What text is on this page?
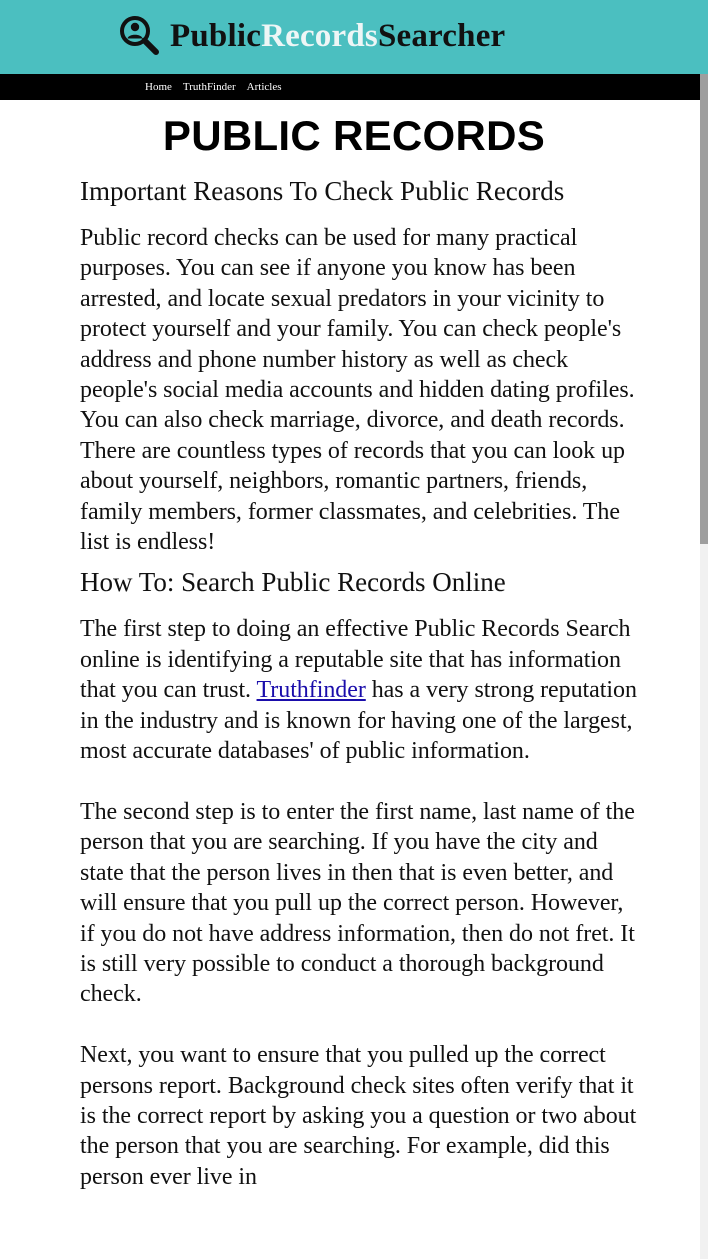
PublicRecordsSearcher
Home TruthFinder Articles
PUBLIC RECORDS
Important Reasons To Check Public Records

Public record checks can be used for many practical purposes. You can see if anyone you know has been arrested, and locate sexual predators in your vicinity to protect yourself and your family. You can check people's address and phone number history as well as check people's social media accounts and hidden dating profiles. You can also check marriage, divorce, and death records. There are countless types of records that you can look up about yourself, neighbors, romantic partners, friends, family members, former classmates, and celebrities. The list is endless!

How To: Search Public Records Online

The first step to doing an effective Public Records Search online is identifying a reputable site that has information that you can trust. Truthfinder has a very strong reputation in the industry and is known for having one of the largest, most accurate databases' of public information.

The second step is to enter the first name, last name of the person that you are searching. If you have the city and state that the person lives in then that is even better, and will ensure that you pull up the correct person. However, if you do not have address information, then do not fret. It is still very possible to conduct a thorough background check.

Next, you want to ensure that you pulled up the correct persons report. Background check sites often verify that it is the correct report by asking you a question or two about the person that you are searching. For example, did this person ever live in
